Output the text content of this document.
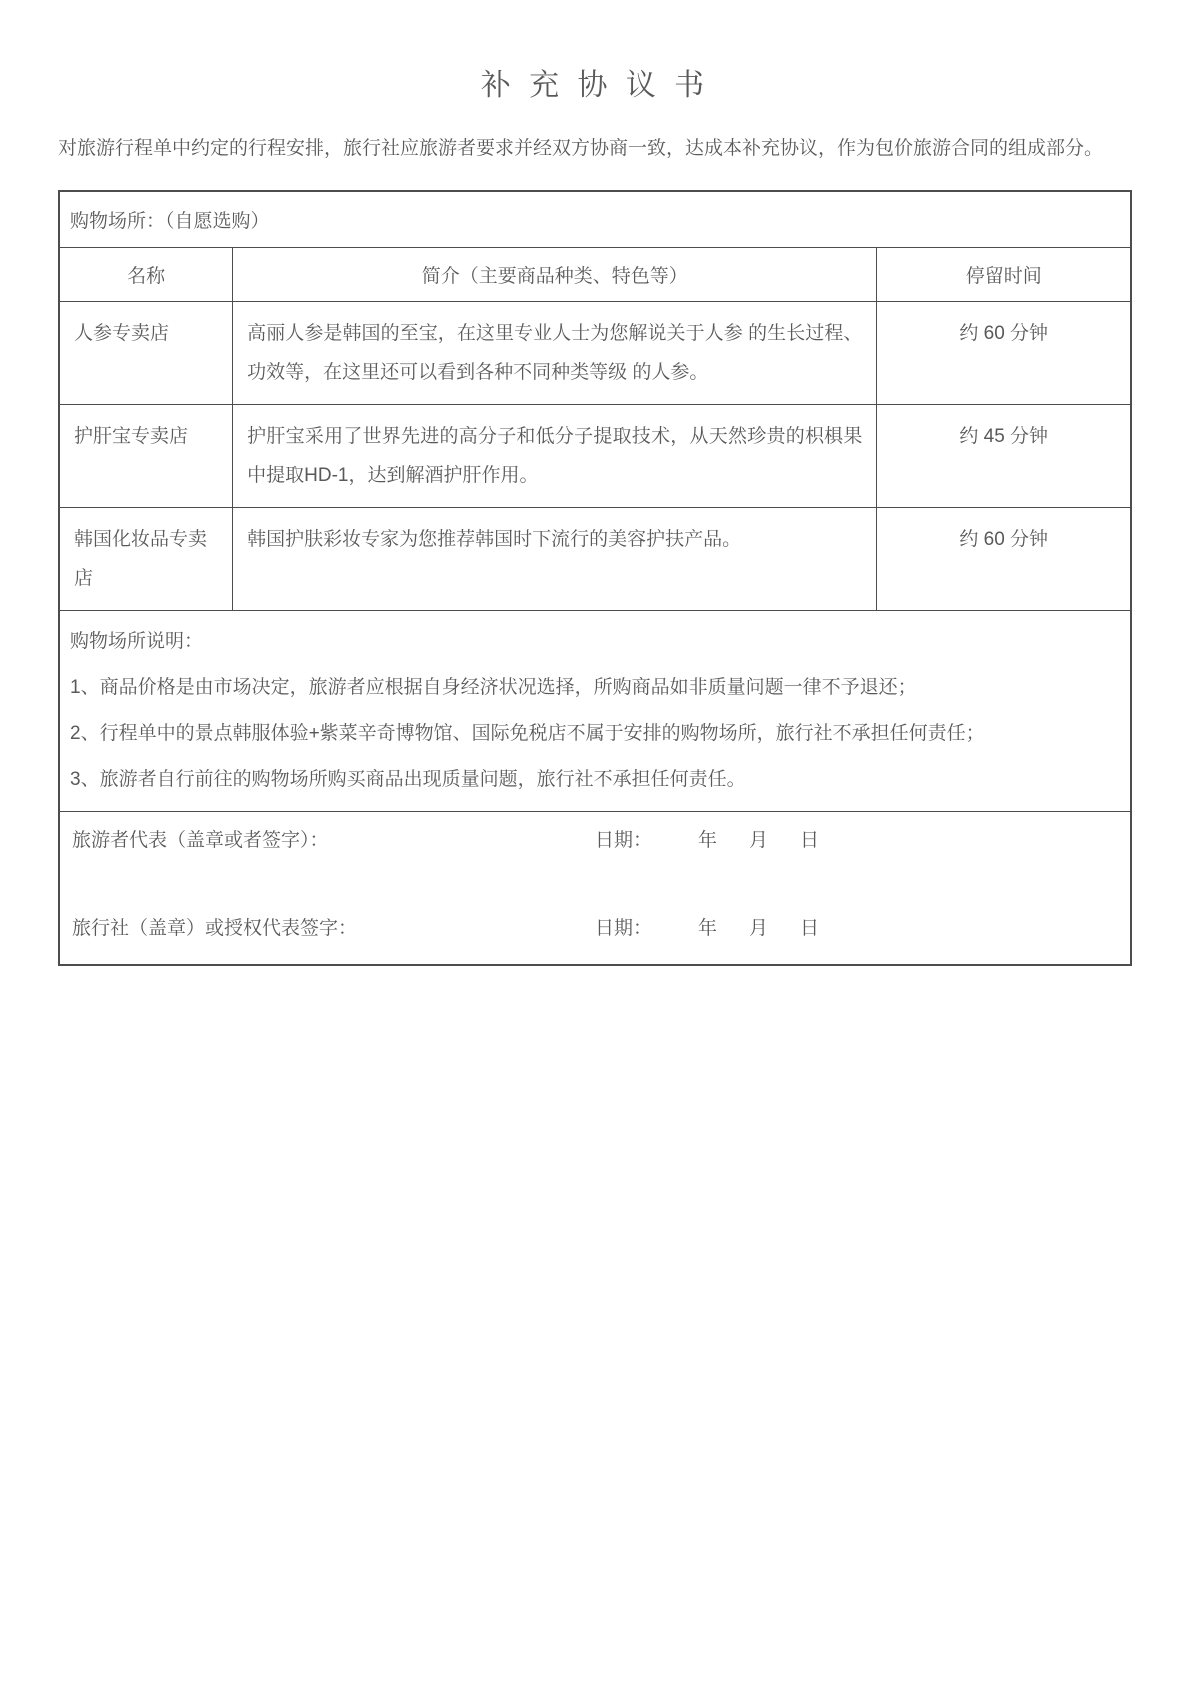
补 充 协 议 书

对旅游行程单中约定的行程安排，旅行社应旅游者要求并经双方协商一致，达成本补充协议，作为包价旅游合同的组成部分。

购物场所：（自愿选购）		
名称	简介（主要商品种类、特色等）	停留时间
人参专卖店	高丽人参是韩国的至宝，在这里专业人士为您解说关于人参 的生长过程、功效等，在这里还可以看到各种不同种类等级 的人参。	约 60 分钟
护肝宝专卖店	护肝宝采用了世界先进的高分子和低分子提取技术，从天然珍贵的枳椇果中提取HD-1，达到解酒护肝作用。	约 45 分钟
韩国化妆品专卖店	韩国护肤彩妆专家为您推荐韩国时下流行的美容护扶产品。	约 60 分钟

购物场所说明：
1、商品价格是由市场决定，旅游者应根据自身经济状况选择，所购商品如非质量问题一律不予退还；
2、行程单中的景点韩服体验+紫菜辛奇博物馆、国际免税店不属于安排的购物场所，旅行社不承担任何责任；
3、旅游者自行前往的购物场所购买商品出现质量问题，旅行社不承担任何责任。		

旅游者代表（盖章或者签字）：	日期： 年 月 日
旅行社（盖章）或授权代表签字：	日期： 年 月 日
